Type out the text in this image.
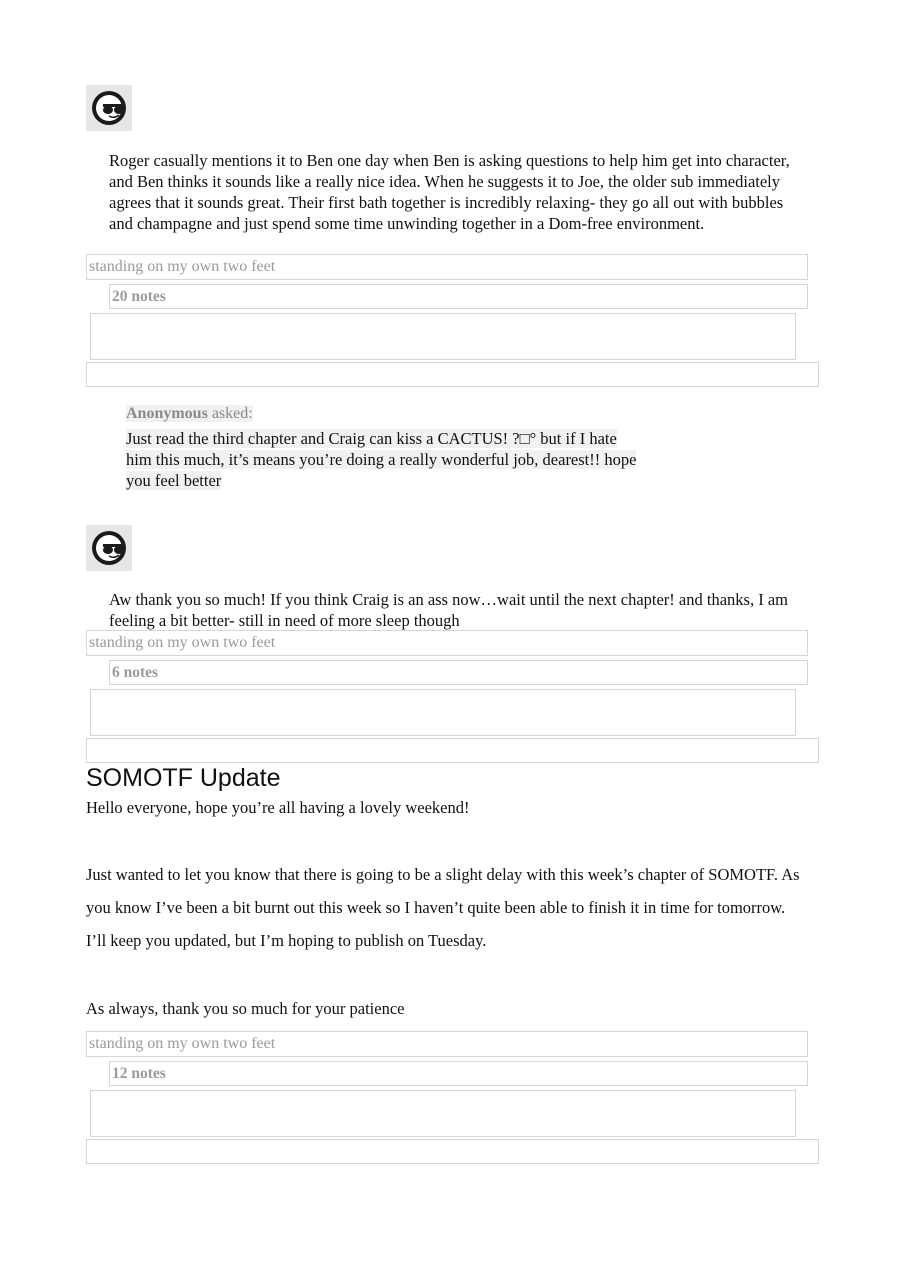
Roger casually mentions it to Ben one day when Ben is asking questions to help him get into character, and Ben thinks it sounds like a really nice idea. When he suggests it to Joe, the older sub immediately agrees that it sounds great. Their first bath together is incredibly relaxing- they go all out with bubbles and champagne and just spend some time unwinding together in a Dom-free environment.
standing on my own two feet
20 notes
Anonymous asked:
Just read the third chapter and Craig can kiss a CACTUS! ?□° but if I hate
him this much, it’s means you’re doing a really wonderful job, dearest!! hope
you feel better
Aw thank you so much! If you think Craig is an ass now…wait until the next chapter! and thanks, I am feeling a bit better- still in need of more sleep though
standing on my own two feet
6 notes
SOMOTF Update
Hello everyone, hope you’re all having a lovely weekend!
Just wanted to let you know that there is going to be a slight delay with this week’s chapter of SOMOTF. As you know I’ve been a bit burnt out this week so I haven’t quite been able to finish it in time for tomorrow. I’ll keep you updated, but I’m hoping to publish on Tuesday.
As always, thank you so much for your patience
standing on my own two feet
12 notes
